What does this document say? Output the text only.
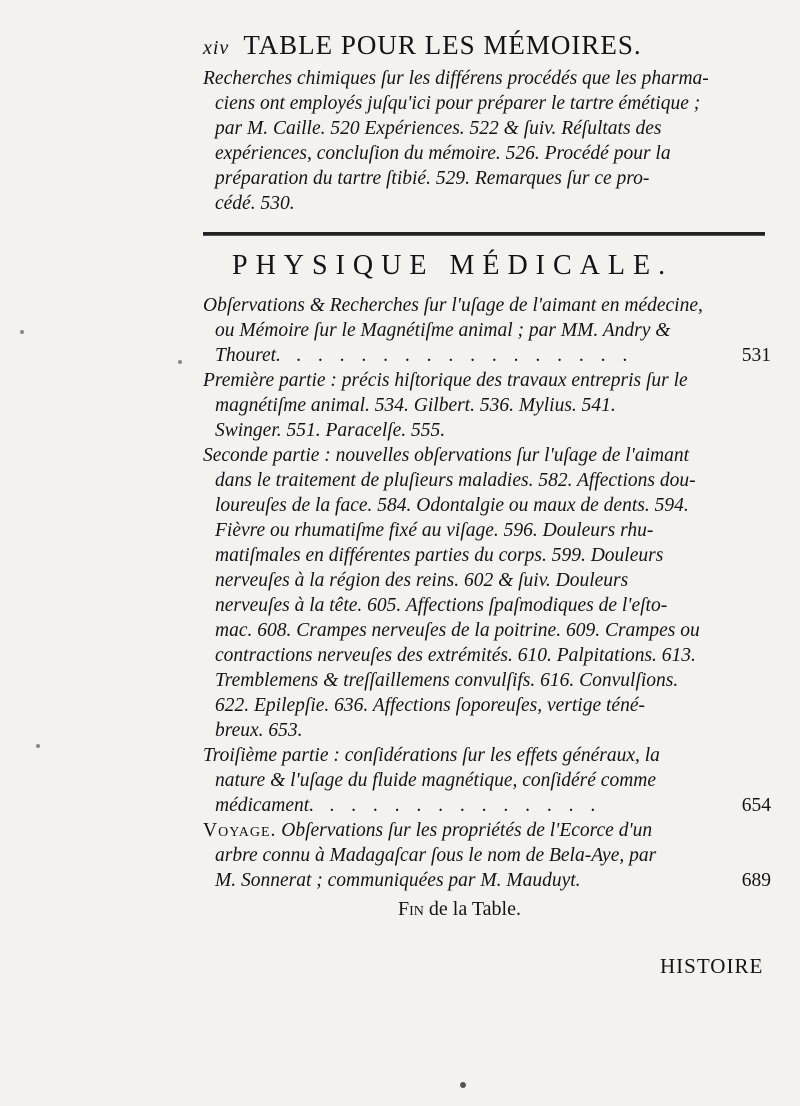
xiv TABLE POUR LES MÉMOIRES.
Recherches chimiques ſur les différens procédés que les pharma-
ciens ont employés juſqu'ici pour préparer le tartre émétique ;
par M. Caille. 520 Expériences. 522 & ſuiv. Réſultats des
expériences, concluſion du mémoire. 526. Procédé pour la
préparation du tartre ſtibié. 529. Remarques ſur ce pro-
cédé. 530.
PHYSIQUE MÉDICALE.
Obſervations & Recherches ſur l'uſage de l'aimant en médecine,
ou Mémoire ſur le Magnétiſme animal ; par MM. Andry &
Thouret.  . . . . . . . . . . . . . . . .	531
Première partie : précis hiſtorique des travaux entrepris ſur le
magnétiſme animal. 534. Gilbert. 536. Mylius. 541.
Swinger. 551. Paracelſe. 555.
Seconde partie : nouvelles obſervations ſur l'uſage de l'aimant
dans le traitement de pluſieurs maladies. 582. Affections dou-
loureuſes de la face. 584. Odontalgie ou maux de dents. 594.
Fièvre ou rhumatiſme fixé au viſage. 596. Douleurs rhu-
matiſmales en différentes parties du corps. 599. Douleurs
nerveuſes à la région des reins. 602 & ſuiv. Douleurs
nerveuſes à la tête. 605. Affections ſpaſmodiques de l'eſto-
mac. 608. Crampes nerveuſes de la poitrine. 609. Crampes ou
contractions nerveuſes des extrémités. 610. Palpitations. 613.
Tremblemens & treſſaillemens convulſifs. 616. Convulſions.
622. Epilepſie. 636. Affections ſoporeuſes, vertige téné-
breux. 653.
Troiſième partie : conſidérations ſur les effets généraux, la
nature & l'uſage du fluide magnétique, conſidéré comme
médicament.  . . . . . . . . . . . . .	654
Voyage. Obſervations ſur les propriétés de l'Ecorce d'un
arbre connu à Madagaſcar ſous le nom de Bela-Aye, par
M. Sonnerat ; communiquées par M. Mauduyt.	689
Fin de la Table.
HISTOIRE
